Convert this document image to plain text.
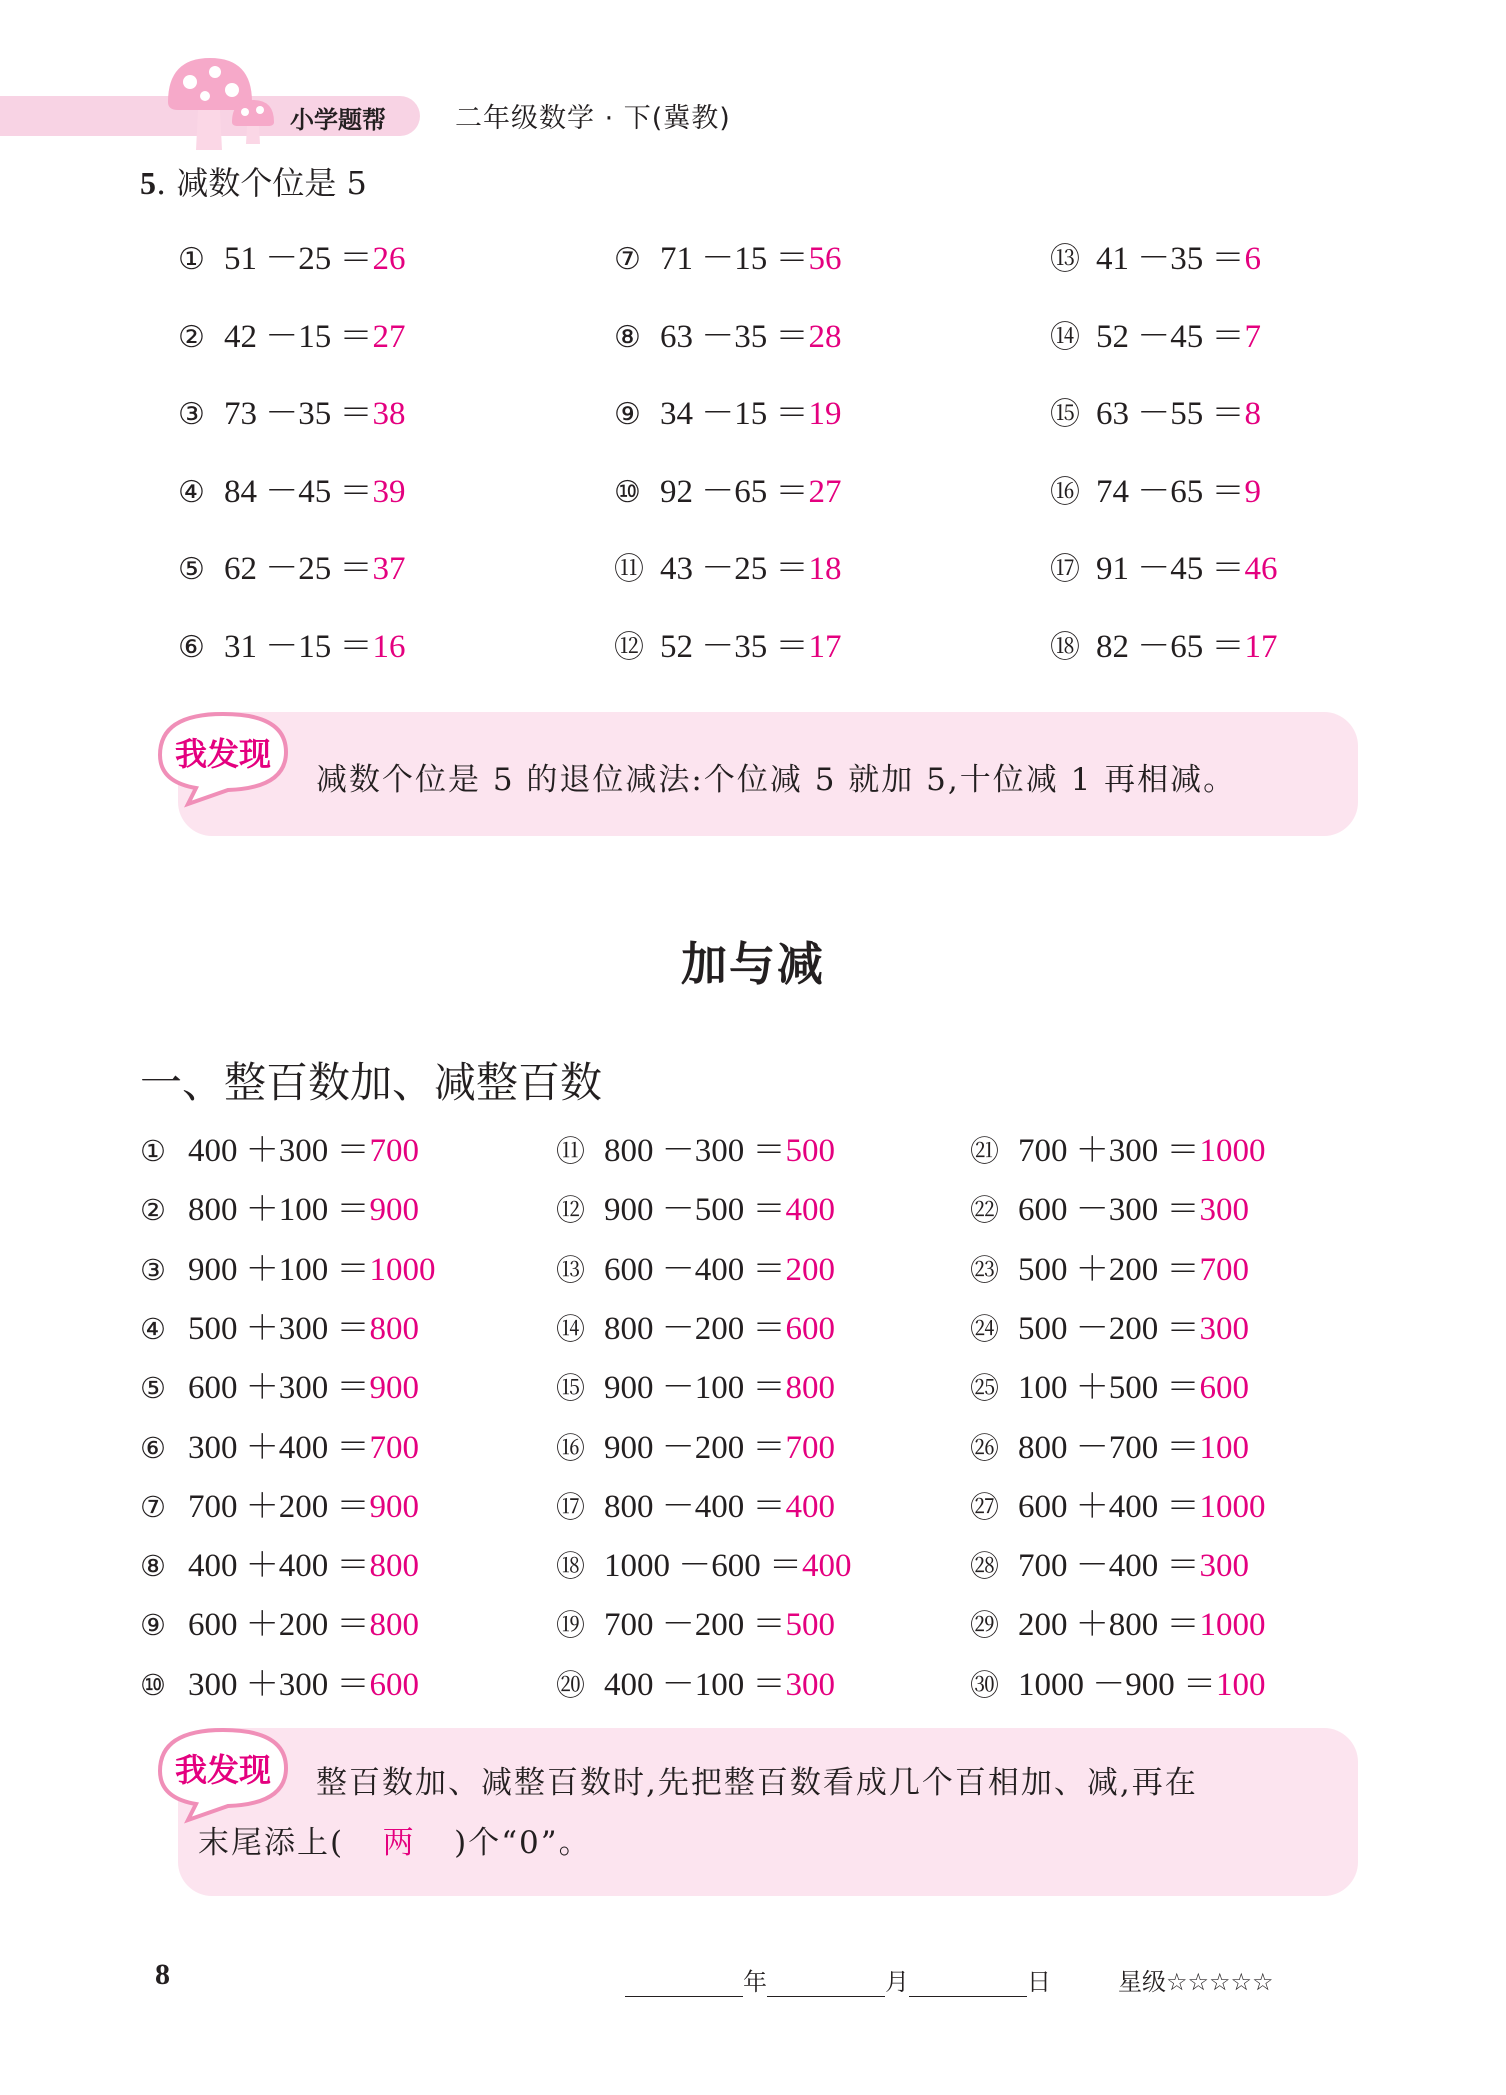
小学题帮	二年级数学 · 下(冀教)
5. 减数个位是 5
① 51 －25 ＝26
② 42 －15 ＝27
③ 73 －35 ＝38
④ 84 －45 ＝39
⑤ 62 －25 ＝37
⑥ 31 －15 ＝16
⑦ 71 －15 ＝56
⑧ 63 －35 ＝28
⑨ 34 －15 ＝19
⑩ 92 －65 ＝27
⑪ 43 －25 ＝18
⑫ 52 －35 ＝17
⑬ 41 －35 ＝6
⑭ 52 －45 ＝7
⑮ 63 －55 ＝8
⑯ 74 －65 ＝9
⑰ 91 －45 ＝46
⑱ 82 －65 ＝17
我发现
减数个位是 5 的退位减法:个位减 5 就加 5,十位减 1 再相减。
加与减
一、整百数加、减整百数
① 400 ＋300 ＝700
② 800 ＋100 ＝900
③ 900 ＋100 ＝1000
④ 500 ＋300 ＝800
⑤ 600 ＋300 ＝900
⑥ 300 ＋400 ＝700
⑦ 700 ＋200 ＝900
⑧ 400 ＋400 ＝800
⑨ 600 ＋200 ＝800
⑩ 300 ＋300 ＝600
⑪ 800 －300 ＝500
⑫ 900 －500 ＝400
⑬ 600 －400 ＝200
⑭ 800 －200 ＝600
⑮ 900 －100 ＝800
⑯ 900 －200 ＝700
⑰ 800 －400 ＝400
⑱ 1000 －600 ＝400
⑲ 700 －200 ＝500
⑳ 400 －100 ＝300
㉑ 700 ＋300 ＝1000
㉒ 600 －300 ＝300
㉓ 500 ＋200 ＝700
㉔ 500 －200 ＝300
㉕ 100 ＋500 ＝600
㉖ 800 －700 ＝100
㉗ 600 ＋400 ＝1000
㉘ 700 －400 ＝300
㉙ 200 ＋800 ＝1000
㉚ 1000 －900 ＝100
我发现 整百数加、减整百数时,先把整百数看成几个百相加、减,再在
末尾添上( 两 )个“0”。
8	年	月	日	星级☆☆☆☆☆
